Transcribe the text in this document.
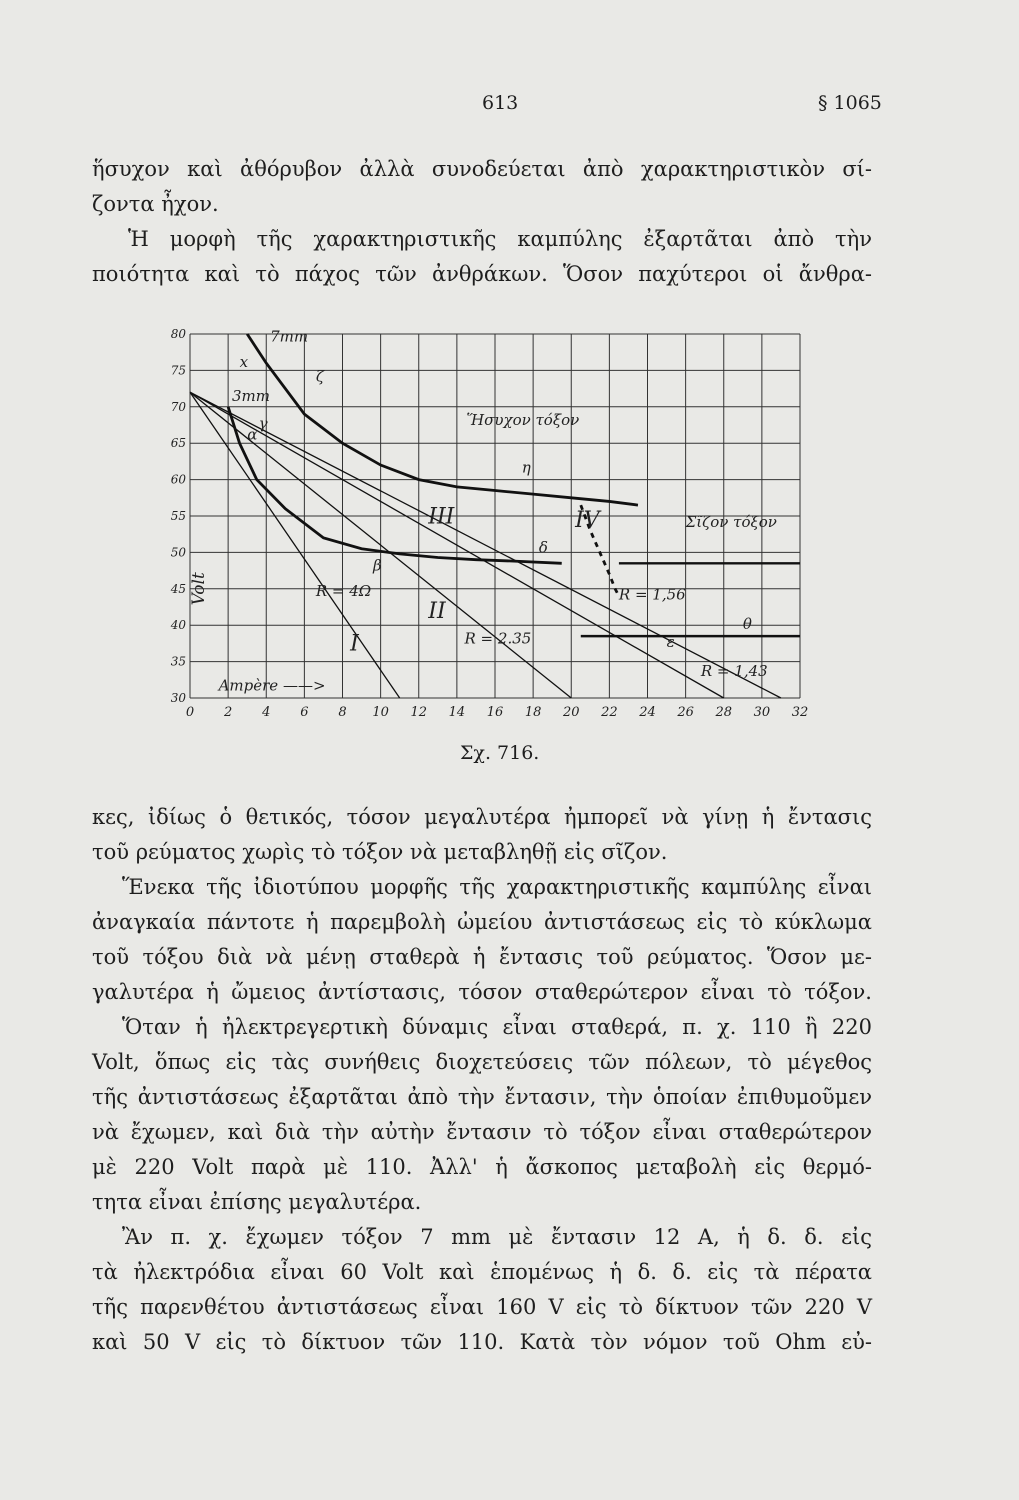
613	§ 1065

ἥσυχον καὶ ἀθόρυβον ἀλλὰ συνοδεύεται ἀπὸ χαρακτηριστικὸν σί-

ζοντα ἦχον.

Ἡ μορφὴ τῆς χαρακτηριστικῆς καμπύλης ἐξαρτᾶται ἀπὸ τὴν

ποιότητα καὶ τὸ πάχος τῶν ἀνθράκων. Ὅσον παχύτεροι οἱ ἄνθρα-

0 2 4 6 8 10 12 14 16 18 20 22 24 26 28 30 32
80
75
70
65
60
55
50
45
40
35
30
Volt	R = 4Ω
R = 2.35
R = 1,56
R = 1,43
7mm
x
ζ
3mm
γ
α
Ἥσυχον τόξον
η
III
δ
IV	Σῖζον τόξον
β
II
I	ε
θ
Ampère ——>
Σχ. 716.

κες, ἰδίως ὁ θετικός, τόσον μεγαλυτέρα ἠμπορεῖ νὰ γίνῃ ἡ ἔντασις

τοῦ ρεύματος χωρὶς τὸ τόξον νὰ μεταβληθῇ εἰς σῖζον.

Ἕνεκα τῆς ἰδιοτύπου μορφῆς τῆς χαρακτηριστικῆς καμπύλης εἶναι

ἀναγκαία πάντοτε ἡ παρεμβολὴ ὠμείου ἀντιστάσεως εἰς τὸ κύκλωμα

τοῦ τόξου διὰ νὰ μένῃ σταθερὰ ἡ ἔντασις τοῦ ρεύματος. Ὅσον με-

γαλυτέρα ἡ ὤμειος ἀντίστασις, τόσον σταθερώτερον εἶναι τὸ τόξον.

Ὅταν ἡ ἠλεκτρεγερτικὴ δύναμις εἶναι σταθερά, π. χ. 110 ἢ 220

Volt, ὅπως εἰς τὰς συνήθεις διοχετεύσεις τῶν πόλεων, τὸ μέγεθος

τῆς ἀντιστάσεως ἐξαρτᾶται ἀπὸ τὴν ἔντασιν, τὴν ὁποίαν ἐπιθυμοῦμεν

νὰ ἔχωμεν, καὶ διὰ τὴν αὐτὴν ἔντασιν τὸ τόξον εἶναι σταθερώτερον

μὲ 220 Volt παρὰ μὲ 110. Ἀλλ' ἡ ἄσκοπος μεταβολὴ εἰς θερμό-

τητα εἶναι ἐπίσης μεγαλυτέρα.

Ἂν π. χ. ἔχωμεν τόξον 7 mm μὲ ἔντασιν 12 Α, ἡ δ. δ. εἰς

τὰ ἠλεκτρόδια εἶναι 60 Volt καὶ ἑπομένως ἡ δ. δ. εἰς τὰ πέρατα

τῆς παρενθέτου ἀντιστάσεως εἶναι 160 V εἰς τὸ δίκτυον τῶν 220 V

καὶ 50 V εἰς τὸ δίκτυον τῶν 110. Κατὰ τὸν νόμον τοῦ Ohm εὐ-
